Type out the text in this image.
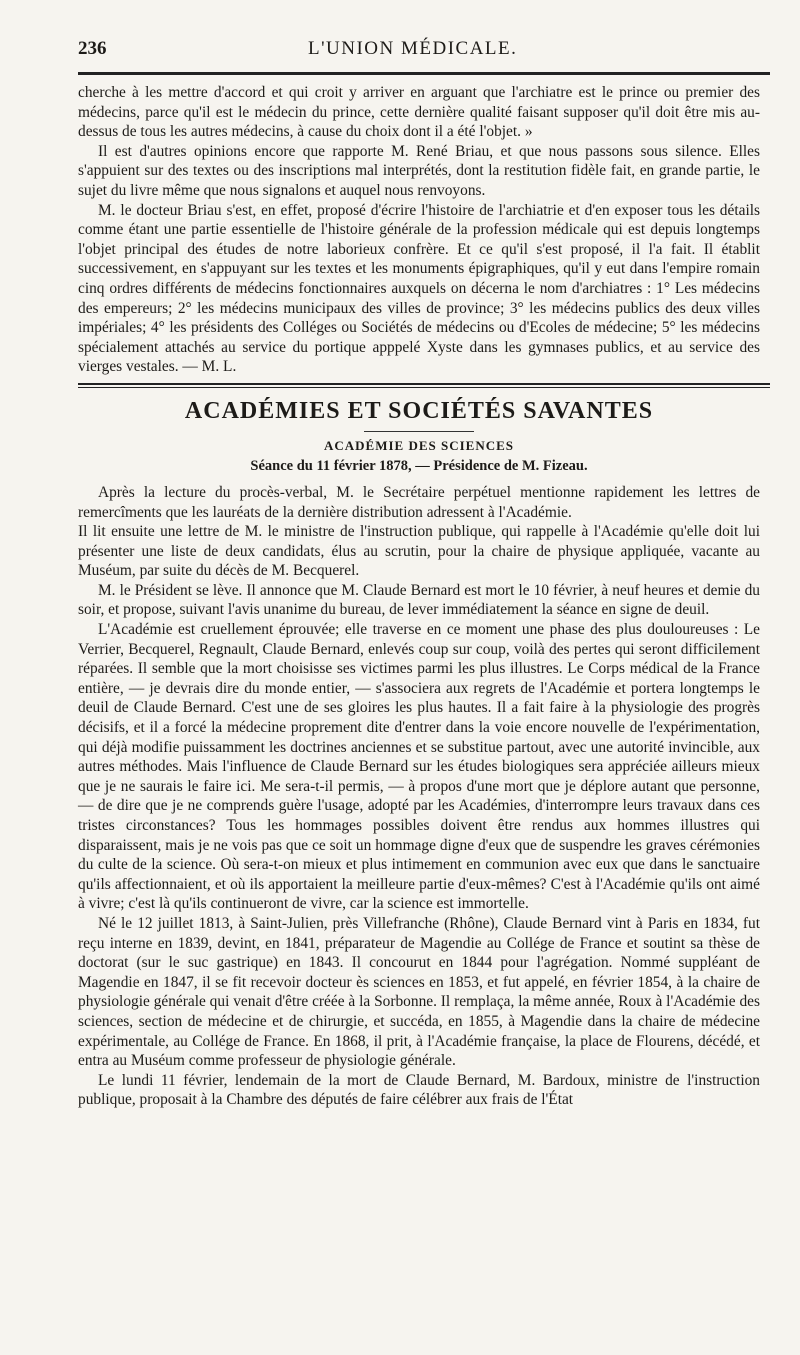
236	L'UNION MÉDICALE.

cherche à les mettre d'accord et qui croit y arriver en arguant que l'archiatre est le prince ou premier des médecins, parce qu'il est le médecin du prince, cette dernière qualité faisant supposer qu'il doit être mis au-dessus de tous les autres médecins, à cause du choix dont il a été l'objet. »

Il est d'autres opinions encore que rapporte M. René Briau, et que nous passons sous silence. Elles s'appuient sur des textes ou des inscriptions mal interprétés, dont la restitution fidèle fait, en grande partie, le sujet du livre même que nous signalons et auquel nous renvoyons.

M. le docteur Briau s'est, en effet, proposé d'écrire l'histoire de l'archiatrie et d'en exposer tous les détails comme étant une partie essentielle de l'histoire générale de la profession médicale qui est depuis longtemps l'objet principal des études de notre laborieux confrère. Et ce qu'il s'est proposé, il l'a fait. Il établit successivement, en s'appuyant sur les textes et les monuments épigraphiques, qu'il y eut dans l'empire romain cinq ordres différents de médecins fonctionnaires auxquels on décerna le nom d'archiatres : 1° Les médecins des empereurs; 2° les médecins municipaux des villes de province; 3° les médecins publics des deux villes impériales; 4° les présidents des Colléges ou Sociétés de médecins ou d'Ecoles de médecine; 5° les médecins spécialement attachés au service du portique apppelé Xyste dans les gymnases publics, et au service des vierges vestales. — M. L.

ACADÉMIES ET SOCIÉTÉS SAVANTES
ACADÉMIE DES SCIENCES
Séance du 11 février 1878, — Présidence de M. Fizeau.

Après la lecture du procès-verbal, M. le Secrétaire perpétuel mentionne rapidement les lettres de remercîments que les lauréats de la dernière distribution adressent à l'Académie.

Il lit ensuite une lettre de M. le ministre de l'instruction publique, qui rappelle à l'Académie qu'elle doit lui présenter une liste de deux candidats, élus au scrutin, pour la chaire de physique appliquée, vacante au Muséum, par suite du décès de M. Becquerel.

M. le Président se lève. Il annonce que M. Claude Bernard est mort le 10 février, à neuf heures et demie du soir, et propose, suivant l'avis unanime du bureau, de lever immédiatement la séance en signe de deuil.

L'Académie est cruellement éprouvée; elle traverse en ce moment une phase des plus douloureuses : Le Verrier, Becquerel, Regnault, Claude Bernard, enlevés coup sur coup, voilà des pertes qui seront difficilement réparées. Il semble que la mort choisisse ses victimes parmi les plus illustres. Le Corps médical de la France entière, — je devrais dire du monde entier, — s'associera aux regrets de l'Académie et portera longtemps le deuil de Claude Bernard. C'est une de ses gloires les plus hautes. Il a fait faire à la physiologie des progrès décisifs, et il a forcé la médecine proprement dite d'entrer dans la voie encore nouvelle de l'expérimentation, qui déjà modifie puissamment les doctrines anciennes et se substitue partout, avec une autorité invincible, aux autres méthodes. Mais l'influence de Claude Bernard sur les études biologiques sera appréciée ailleurs mieux que je ne saurais le faire ici. Me sera-t-il permis, — à propos d'une mort que je déplore autant que personne, — de dire que je ne comprends guère l'usage, adopté par les Académies, d'interrompre leurs travaux dans ces tristes circonstances? Tous les hommages possibles doivent être rendus aux hommes illustres qui disparaissent, mais je ne vois pas que ce soit un hommage digne d'eux que de suspendre les graves cérémonies du culte de la science. Où sera-t-on mieux et plus intimement en communion avec eux que dans le sanctuaire qu'ils affectionnaient, et où ils apportaient la meilleure partie d'eux-mêmes? C'est à l'Académie qu'ils ont aimé à vivre; c'est là qu'ils continueront de vivre, car la science est immortelle.

Né le 12 juillet 1813, à Saint-Julien, près Villefranche (Rhône), Claude Bernard vint à Paris en 1834, fut reçu interne en 1839, devint, en 1841, préparateur de Magendie au Collége de France et soutint sa thèse de doctorat (sur le suc gastrique) en 1843. Il concourut en 1844 pour l'agrégation. Nommé suppléant de Magendie en 1847, il se fit recevoir docteur ès sciences en 1853, et fut appelé, en février 1854, à la chaire de physiologie générale qui venait d'être créée à la Sorbonne. Il remplaça, la même année, Roux à l'Académie des sciences, section de médecine et de chirurgie, et succéda, en 1855, à Magendie dans la chaire de médecine expérimentale, au Collége de France. En 1868, il prit, à l'Académie française, la place de Flourens, décédé, et entra au Muséum comme professeur de physiologie générale.

Le lundi 11 février, lendemain de la mort de Claude Bernard, M. Bardoux, ministre de l'instruction publique, proposait à la Chambre des députés de faire célébrer aux frais de l'État
